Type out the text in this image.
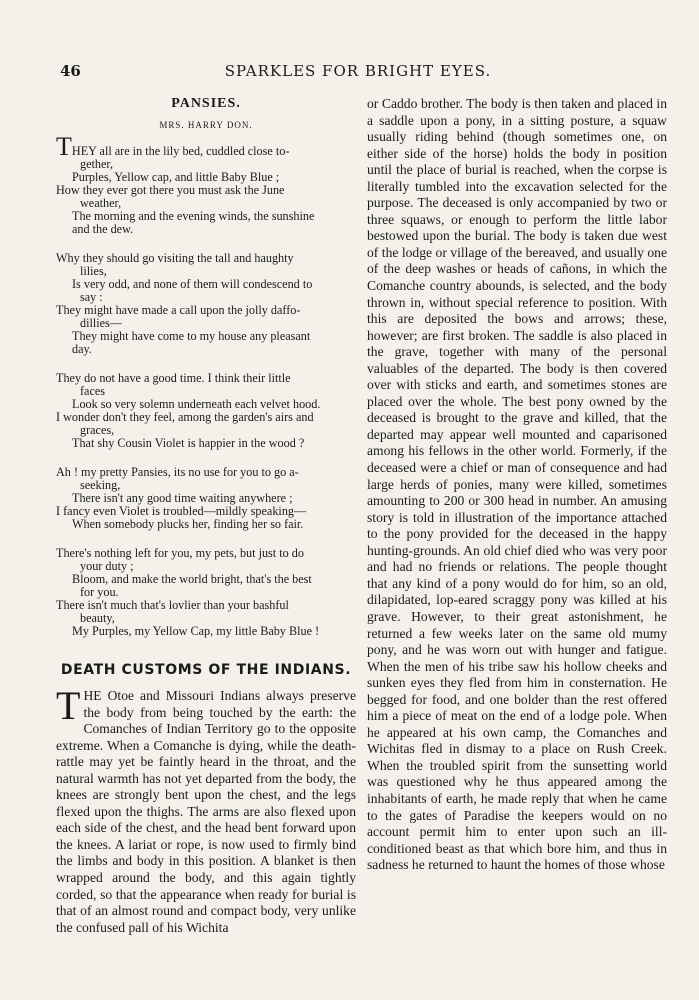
46	SPARKLES FOR BRIGHT EYES.
PANSIES.
MRS. HARRY DON.
THEY all are in the lily bed, cuddled close to-
gether,
Purples, Yellow cap, and little Baby Blue ;
How they ever got there you must ask the June
weather,
The morning and the evening winds, the sunshine
and the dew.
Why they should go visiting the tall and haughty
lilies,
Is very odd, and none of them will condescend to
say :
They might have made a call upon the jolly daffo-
dillies—
They might have come to my house any pleasant
day.
They do not have a good time. I think their little
faces
Look so very solemn underneath each velvet hood.
I wonder don't they feel, among the garden's airs and
graces,
That shy Cousin Violet is happier in the wood ?
Ah ! my pretty Pansies, its no use for you to go a-
seeking,
There isn't any good time waiting anywhere ;
I fancy even Violet is troubled—mildly speaking—
When somebody plucks her, finding her so fair.
There's nothing left for you, my pets, but just to do
your duty ;
Bloom, and make the world bright, that's the best
for you.
There isn't much that's lovlier than your bashful
beauty,
My Purples, my Yellow Cap, my little Baby Blue !
DEATH CUSTOMS OF THE INDIANS.

THE Otoe and Missouri Indians always preserve the body from being touched by the earth: the Comanches of Indian Territory go to the opposite extreme. When a Comanche is dying, while the death-rattle may yet be faintly heard in the throat, and the natural warmth has not yet departed from the body, the knees are strongly bent upon the chest, and the legs flexed upon the thighs. The arms are also flexed upon each side of the chest, and the head bent forward upon the knees. A lariat or rope, is now used to firmly bind the limbs and body in this position. A blanket is then wrapped around the body, and this again tightly corded, so that the appearance when ready for burial is that of an almost round and compact body, very unlike the confused pall of his Wichita

or Caddo brother. The body is then taken and placed in a saddle upon a pony, in a sitting posture, a squaw usually riding behind (though sometimes one, on either side of the horse) holds the body in position until the place of burial is reached, when the corpse is literally tumbled into the excavation selected for the purpose. The deceased is only accompanied by two or three squaws, or enough to perform the little labor bestowed upon the burial. The body is taken due west of the lodge or village of the bereaved, and usually one of the deep washes or heads of cañons, in which the Comanche country abounds, is selected, and the body thrown in, without special reference to position. With this are deposited the bows and arrows; these, however; are first broken. The saddle is also placed in the grave, together with many of the personal valuables of the departed. The body is then covered over with sticks and earth, and sometimes stones are placed over the whole. The best pony owned by the deceased is brought to the grave and killed, that the departed may appear well mounted and caparisoned among his fellows in the other world. Formerly, if the deceased were a chief or man of consequence and had large herds of ponies, many were killed, sometimes amounting to 200 or 300 head in number. An amusing story is told in illustration of the importance attached to the pony provided for the deceased in the happy hunting-grounds. An old chief died who was very poor and had no friends or relations. The people thought that any kind of a pony would do for him, so an old, dilapidated, lop-eared scraggy pony was killed at his grave. However, to their great astonishment, he returned a few weeks later on the same old mumy pony, and he was worn out with hunger and fatigue. When the men of his tribe saw his hollow cheeks and sunken eyes they fled from him in consternation. He begged for food, and one bolder than the rest offered him a piece of meat on the end of a lodge pole. When he appeared at his own camp, the Comanches and Wichitas fled in dismay to a place on Rush Creek. When the troubled spirit from the sunsetting world was questioned why he thus appeared among the inhabitants of earth, he made reply that when he came to the gates of Paradise the keepers would on no account permit him to enter upon such an ill-conditioned beast as that which bore him, and thus in sadness he returned to haunt the homes of those whose
